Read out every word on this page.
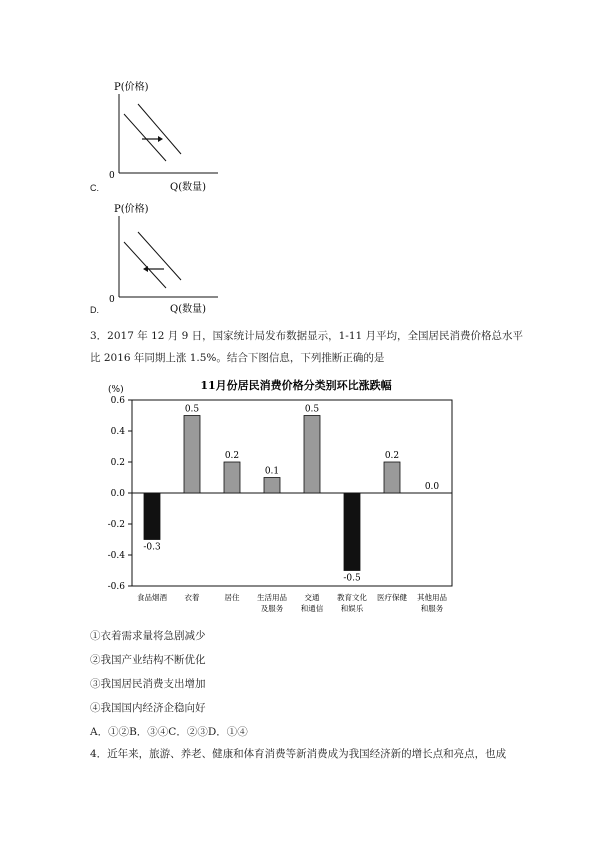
P(价格)
0
Q(数量)
C.
P(价格)
0
Q(数量)
D.
3．2017 年 12 月 9 日，国家统计局发布数据显示，1-11 月平均，全国居民消费价格总水平
比 2016 年同期上涨 1.5%。结合下图信息，下列推断正确的是
11月份居民消费价格分类别环比涨跌幅
(%)
0.6
0.4
0.2
0.0
-0.2
-0.4
-0.6
-0.3
0.5
0.2
0.1
0.5
-0.5
0.2
0.0
食品烟酒 衣着	居住 生活用品
及服务
交通
和通信
教育文化
和娱乐
医疗保健 其他用品
和服务
①衣着需求量将急剧减少
②我国产业结构不断优化
③我国居民消费支出增加
④我国国内经济企稳向好
A．①②B．③④C．②③D．①④
4．近年来，旅游、养老、健康和体育消费等新消费成为我国经济新的增长点和亮点，也成
